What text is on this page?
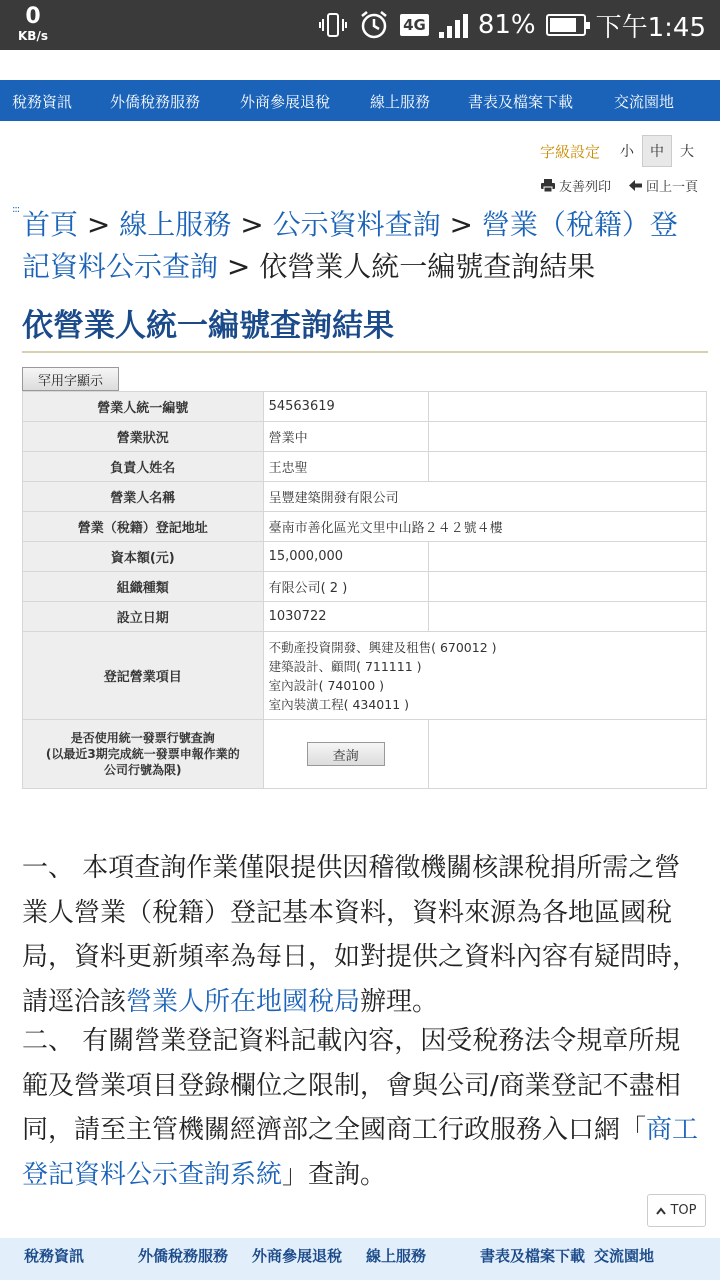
0
KB/s
4G 81% 下午1:45
稅務資訊	外僑稅務服務	外商參展退稅	線上服務	書表及檔案下載	交流園地
字級設定	小	中	大
友善列印	回上一頁
::: 首頁 > 線上服務 > 公示資料查詢 > 營業（稅籍）登記資料公示查詢 > 依營業人統一編號查詢結果
依營業人統一編號查詢結果
罕用字顯示
營業人統一編號	54563619	
營業狀況	營業中	
負責人姓名	王忠聖	
營業人名稱	呈豐建築開發有限公司	
營業（稅籍）登記地址	臺南市善化區光文里中山路２４２號４樓	
資本額(元)	15,000,000	
組織種類	有限公司( 2 )	
設立日期	1030722	
登記營業項目	不動產投資開發、興建及租售( 670012 )
建築設計、顧問( 711111 )
室內設計( 740100 )
室內裝潢工程( 434011 )	

是否使用統一發票行號查詢
(以最近3期完成統一發票申報作業的
公司行號為限)	查詢	

一、 本項查詢作業僅限提供因稽徵機關核課稅捐所需之營業人營業（稅籍）登記基本資料，資料來源為各地區國稅局，資料更新頻率為每日，如對提供之資料內容有疑問時，請逕洽該營業人所在地國稅局辦理。
二、 有關營業登記資料記載內容，因受稅務法令規章所規範及營業項目登錄欄位之限制，會與公司/商業登記不盡相同，請至主管機關經濟部之全國商工行政服務入口網「商工登記資料公示查詢系統」查詢。
TOP
稅務資訊	外僑稅務服務 外商參展退稅 線上服務	書表及檔案下載 交流園地
